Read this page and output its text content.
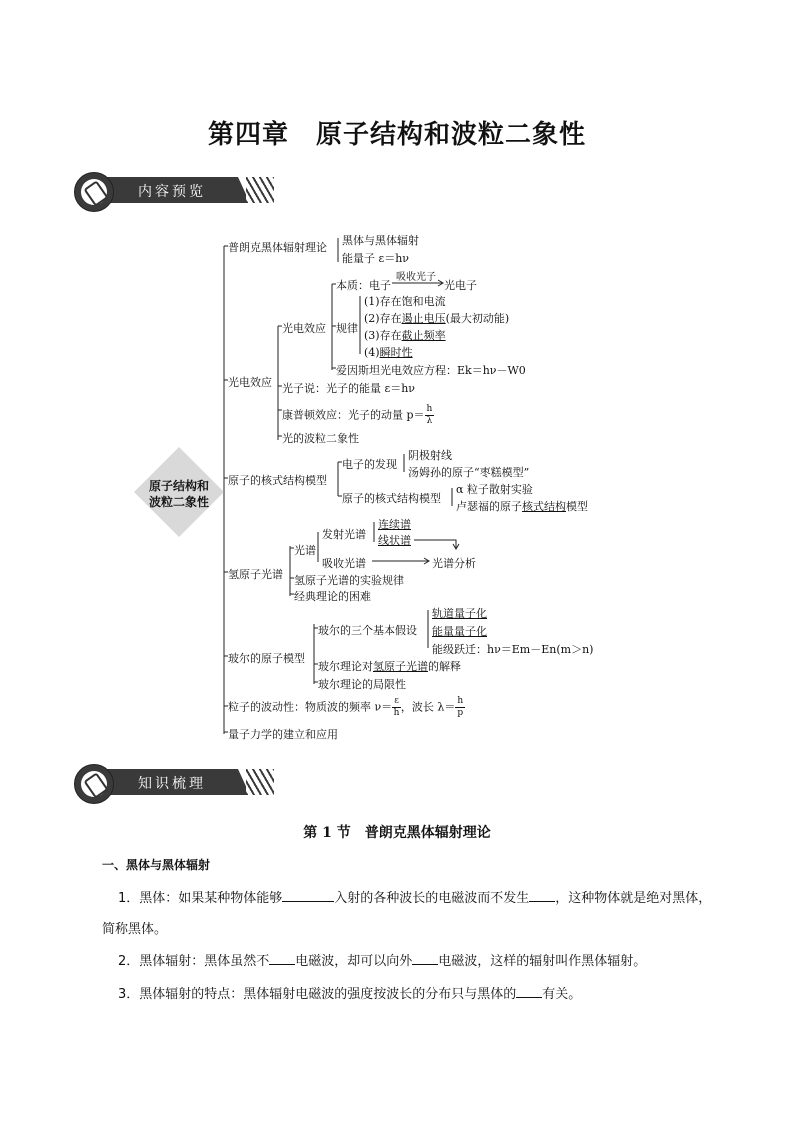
第四章　原子结构和波粒二象性
内容预览
原子结构和
波粒二象性
普朗克黑体辐射理论
黑体与黑体辐射
能量子 ε＝hν
光电效应
光电效应
本质：电子
吸收光子
光电子
规律
(1)存在饱和电流
(2)存在遏止电压(最大初动能)
(3)存在截止频率
(4)瞬时性
爱因斯坦光电效应方程：Ek＝hν－W0
光子说：光子的能量 ε＝hν
康普顿效应：光子的动量 $p= \frac{h}{\lambda}$
光的波粒二象性
原子的核式结构模型
电子的发现
阴极射线
汤姆孙的原子“枣糕模型”
原子的核式结构模型
α 粒子散射实验
卢瑟福的原子核式结构模型
氢原子光谱
光谱
发射光谱
连续谱
线状谱
吸收光谱	光谱分析
氢原子光谱的实验规律
经典理论的困难
玻尔的原子模型
玻尔的三个基本假设
轨道量子化
能量量子化
能级跃迁：hν＝Em－En(m＞n)
玻尔理论对氢原子光谱的解释
玻尔理论的局限性
粒子的波动性：物质波的频率 $\nu= \frac{\varepsilon}{h}$ ，波长 $\lambda= \frac{h}{p}$
量子力学的建立和应用
知识梳理
第 1 节　普朗克黑体辐射理论
一、黑体与黑体辐射
1．黑体：如果某种物体能够	入射的各种波长的电磁波而不发生 ，这种物体就是绝对黑体，
简称黑体。
2．黑体辐射：黑体虽然不 电磁波，却可以向外 电磁波，这样的辐射叫作黑体辐射。
3．黑体辐射的特点：黑体辐射电磁波的强度按波长的分布只与黑体的 有关。
